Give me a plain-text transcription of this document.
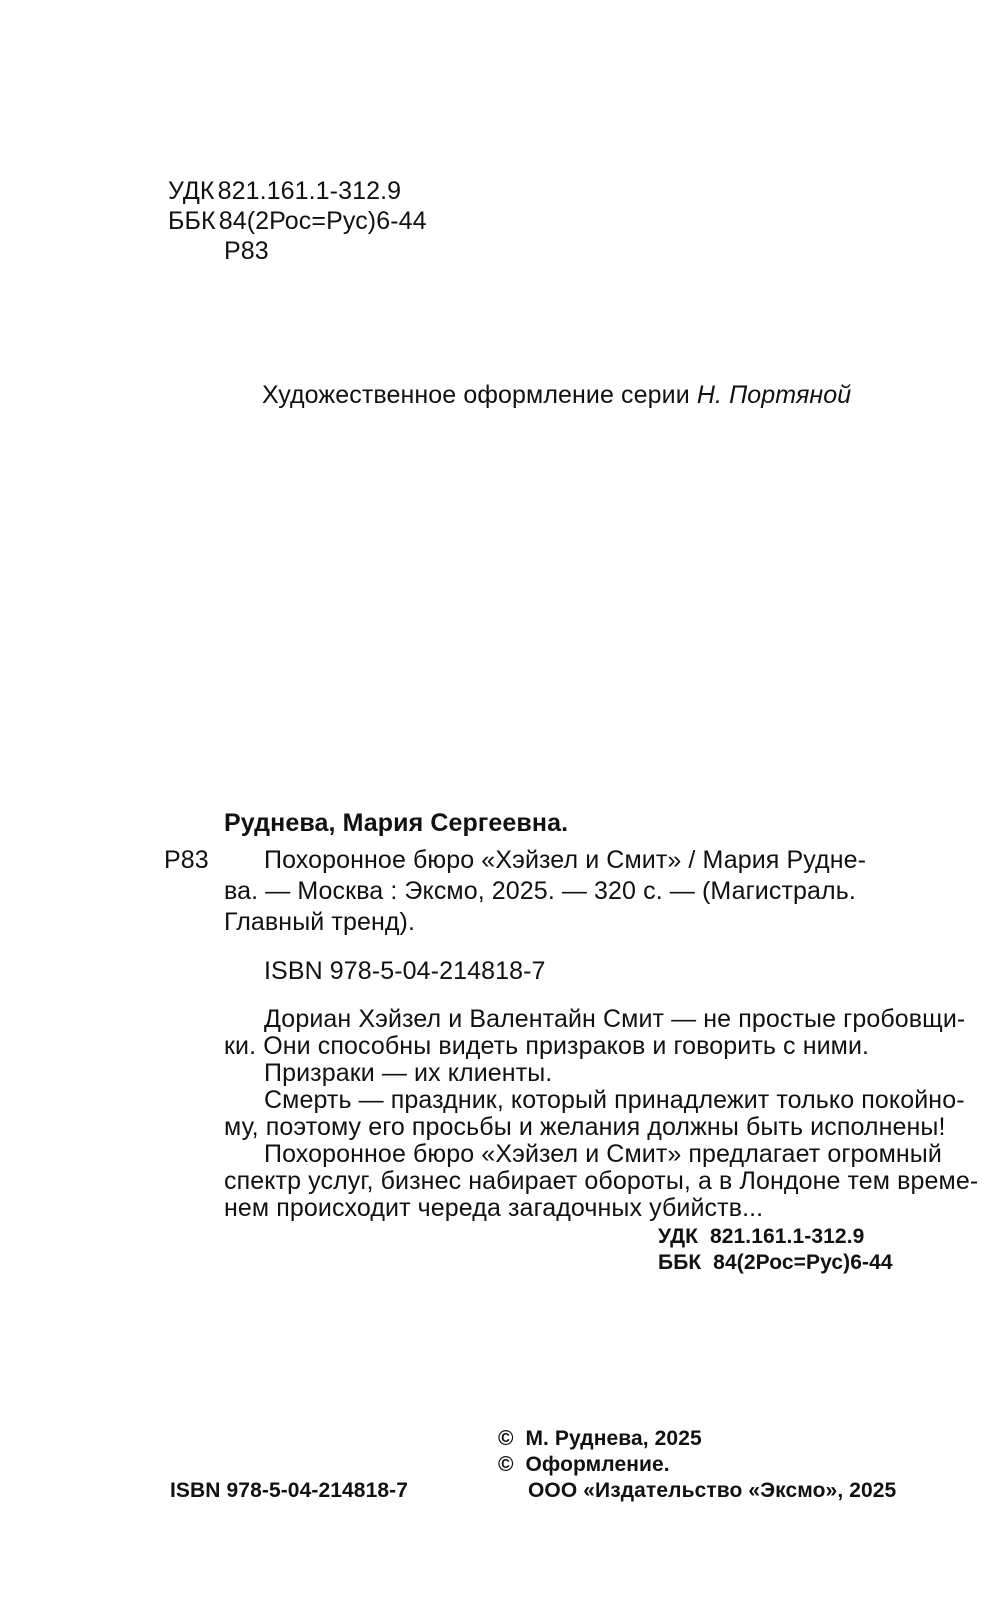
УДК 821.161.1-312.9
ББК 84(2Рос=Рус)6-44
Р83
Художественное оформление серии Н. Портяной
Руднева, Мария Сергеевна.
Р83 Похоронное бюро «Хэйзел и Смит» / Мария Рудне-
ва. — Москва : Эксмо, 2025. — 320 с. — (Магистраль.
Главный тренд).
ISBN 978-5-04-214818-7
Дориан Хэйзел и Валентайн Смит — не простые гробовщи-
ки. Они способны видеть призраков и говорить с ними.
Призраки — их клиенты.
Смерть — праздник, который принадлежит только покойно-
му, поэтому его просьбы и желания должны быть исполнены!
Похоронное бюро «Хэйзел и Смит» предлагает огромный
спектр услуг, бизнес набирает обороты, а в Лондоне тем време-
нем происходит череда загадочных убийств...
УДК  821.161.1-312.9
ББК  84(2Рос=Рус)6-44
©  М. Руднева, 2025
©  Оформление.
ISBN 978-5-04-214818-7	ООО «Издательство «Эксмо», 2025
